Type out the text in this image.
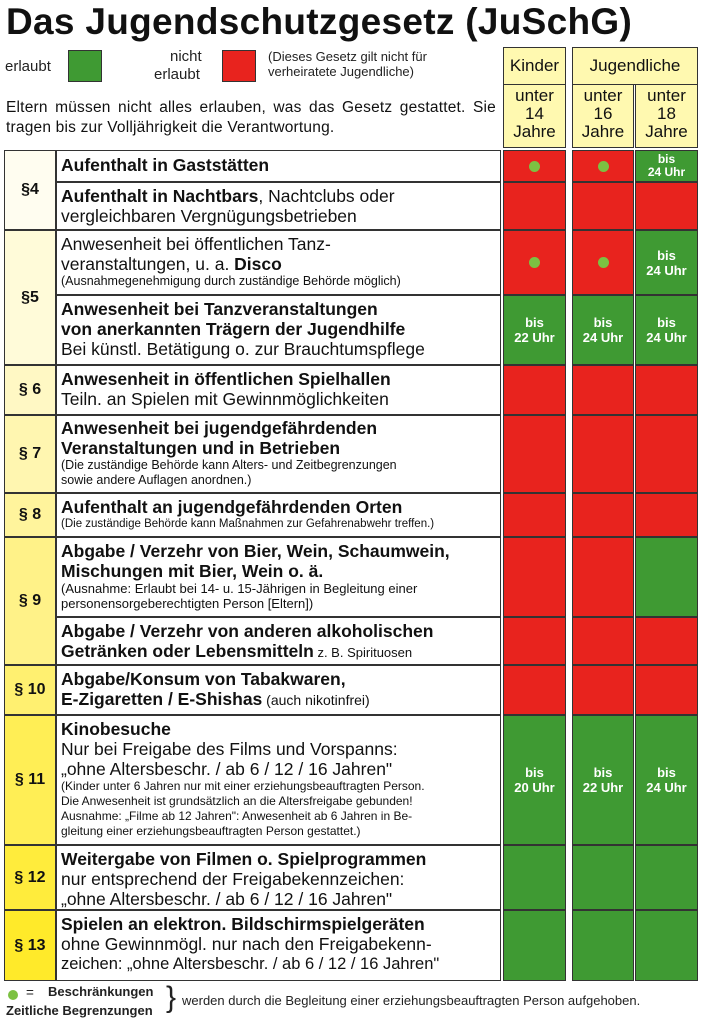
Das Jugendschutzgesetz (JuSchG)
erlaubt
nicht
erlaubt
(Dieses Gesetz gilt nicht für
verheiratete Jugendliche)
Eltern müssen nicht alles erlauben, was das Gesetz gestattet. Sie tragen bis zur Volljährigkeit die Verantwortung.
Kinder	Jugendliche
unter
14
Jahre
unter
16
Jahre
unter
18
Jahre
§4
§5
§ 6
§ 7
§ 8
§ 9
§ 10
§ 11
§ 12
§ 13
Aufenthalt in Gaststätten
Aufenthalt in Nachtbars, Nachtclubs oder
vergleichbaren Vergnügungsbetrieben
Anwesenheit bei öffentlichen Tanz-
veranstaltungen, u. a. Disco
(Ausnahmegenehmigung durch zuständige Behörde möglich)
Anwesenheit bei Tanzveranstaltungen
von anerkannten Trägern der Jugendhilfe
Bei künstl. Betätigung o. zur Brauchtumspflege
Anwesenheit in öffentlichen Spielhallen
Teiln. an Spielen mit Gewinnmöglichkeiten
Anwesenheit bei jugendgefährdenden
Veranstaltungen und in Betrieben
(Die zuständige Behörde kann Alters- und Zeitbegrenzungen
sowie andere Auflagen anordnen.)
Aufenthalt an jugendgefährdenden Orten
(Die zuständige Behörde kann Maßnahmen zur Gefahrenabwehr treffen.)
Abgabe / Verzehr von Bier, Wein, Schaumwein,
Mischungen mit Bier, Wein o. ä.
(Ausnahme: Erlaubt bei 14- u. 15-Jährigen in Begleitung einer
personensorgeberechtigten Person [Eltern])
Abgabe / Verzehr von anderen alkoholischen
Getränken oder Lebensmitteln z. B. Spirituosen
Abgabe/Konsum von Tabakwaren,
E-Zigaretten / E-Shishas (auch nikotinfrei)
Kinobesuche
Nur bei Freigabe des Films und Vorspanns:
„ohne Altersbeschr. / ab 6 / 12 / 16 Jahren"
(Kinder unter 6 Jahren nur mit einer erziehungsbeauftragten Person.
Die Anwesenheit ist grundsätzlich an die Altersfreigabe gebunden!
Ausnahme: „Filme ab 12 Jahren": Anwesenheit ab 6 Jahren in Be-
gleitung einer erziehungsbeauftragten Person gestattet.)
Weitergabe von Filmen o. Spielprogrammen
nur entsprechend der Freigabekennzeichen:
„ohne Altersbeschr. / ab 6 / 12 / 16 Jahren"
Spielen an elektron. Bildschirmspielgeräten
ohne Gewinnmögl. nur nach den Freigabekenn-
zeichen: „ohne Altersbeschr. / ab 6 / 12 / 16 Jahren"
bis
22 Uhr
bis
20 Uhr
bis
24 Uhr
bis
22 Uhr
bis
24 Uhr
bis
24 Uhr
bis
24 Uhr
bis
24 Uhr
= Beschränkungen
Zeitliche Begrenzungen } werden durch die Begleitung einer erziehungsbeauftragten Person aufgehoben.
